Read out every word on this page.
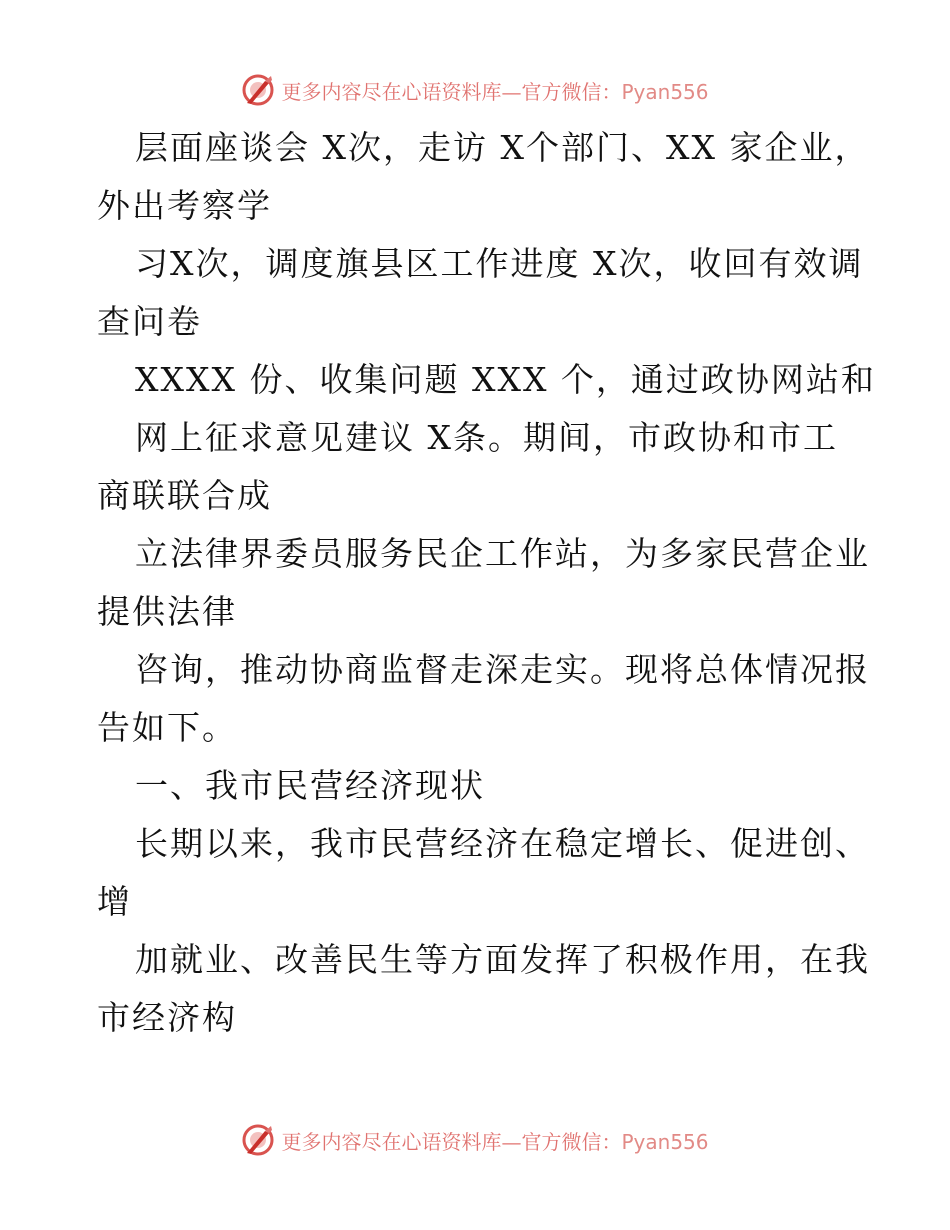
更多内容尽在心语资料库—官方微信：Pyan556
层面座谈会 X次，走访 X个部门、XX 家企业，
外出考察学
习X次，调度旗县区工作进度 X次，收回有效调
查问卷
XXXX 份、收集问题 XXX 个，通过政协网站和
网上征求意见建议 X条。期间，市政协和市工
商联联合成
立法律界委员服务民企工作站，为多家民营企业
提供法律
咨询，推动协商监督走深走实。现将总体情况报
告如下。
一、我市民营经济现状
长期以来，我市民营经济在稳定增长、促进创、
增
加就业、改善民生等方面发挥了积极作用，在我
市经济构
更多内容尽在心语资料库—官方微信：Pyan556
